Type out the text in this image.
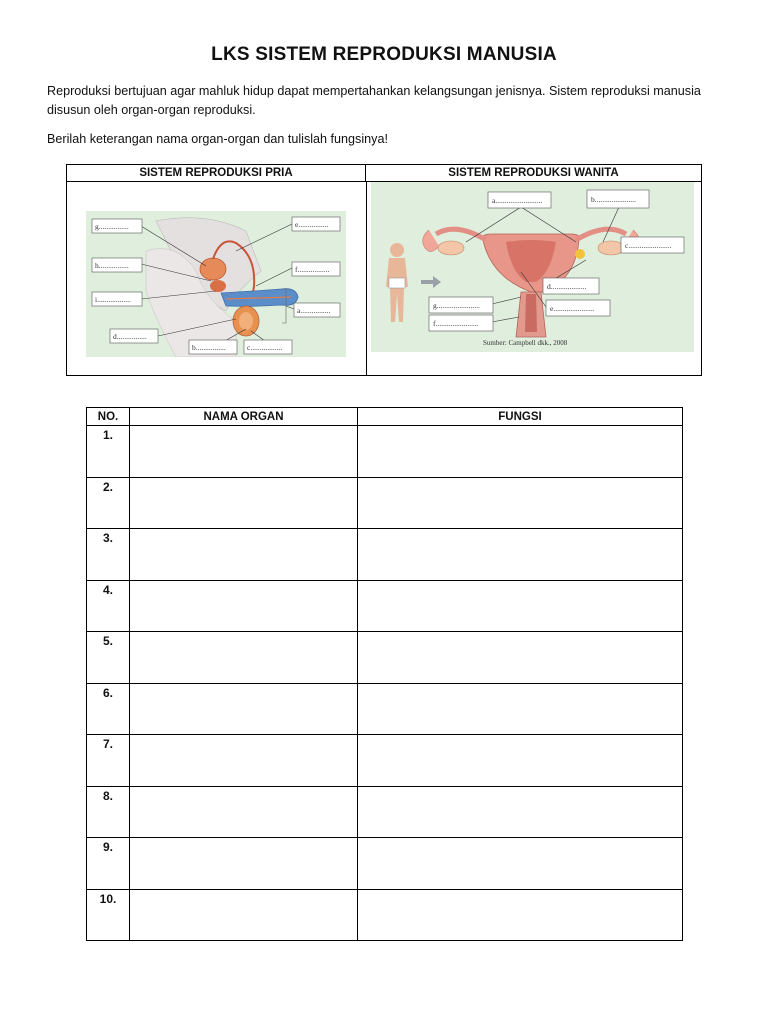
LKS SISTEM REPRODUKSI MANUSIA
Reproduksi bertujuan agar mahluk hidup dapat mempertahankan kelangsungan jenisnya. Sistem reproduksi manusia disusun oleh organ-organ reproduksi.
Berilah keterangan nama organ-organ dan tulislah fungsinya!
SISTEM REPRODUKSI PRIA	SISTEM REPRODUKSI WANITA
g................
h................
i..................
d................
b................	c.................
e................
f.................
a................
a.........................	b......................
c.......................
d...................
e......................
g.......................
f.......................
Sumber: Campbell dkk., 2008
NO.	NAMA ORGAN	FUNGSI
1.		
2.		
3.		
4.		
5.		
6.		
7.		
8.		
9.		
10.		
